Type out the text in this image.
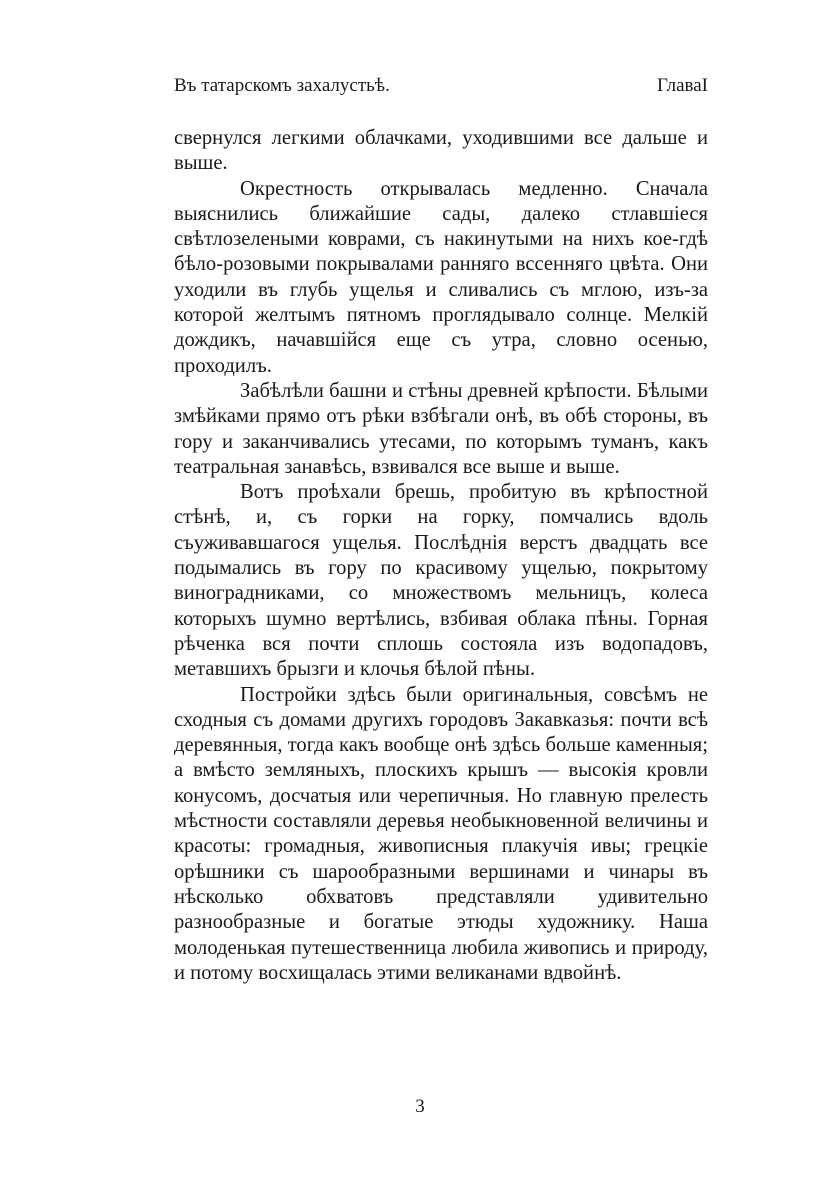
Въ татарскомъ захалустьѣ.	ГлаваI

свернулся легкими облачками, уходившими все дальше и выше.

Окрестность открывалась медленно. Сначала выяснились ближайшие сады, далеко стлавшiеся свѣтлозелеными коврами, съ накинутыми на нихъ кое-гдѣ бѣло-розовыми покрывалами ранняго вссенняго цвѣта. Они уходили въ глубь ущелья и сливались съ мглою, изъ-за которой желтымъ пятномъ проглядывало солнце. Мелкiй дождикъ, начавшiйся еще съ утра, словно осенью, проходилъ.

Забѣлѣли башни и стѣны древней крѣпости. Бѣлыми змѣйками прямо отъ рѣки взбѣгали онѣ, въ обѣ стороны, въ гору и заканчивались утесами, по которымъ туманъ, какъ театральная занавѣсь, взвивался все выше и выше.

Вотъ проѣхали брешь, пробитую въ крѣпостной стѣнѣ, и, съ горки на горку, помчались вдоль съуживавшагося ущелья. Послѣднiя верстъ двадцать все подымались въ гору по красивому ущелью, покрытому виноградниками, со множествомъ мельницъ, колеса которыхъ шумно вертѣлись, взбивая облака пѣны. Горная рѣченка вся почти сплошь состояла изъ водопадовъ, метавшихъ брызги и клочья бѣлой пѣны.

Постройки здѣсь были оригинальныя, совсѣмъ не сходныя съ домами другихъ городовъ Закавказья: почти всѣ деревянныя, тогда какъ вообще онѣ здѣсь больше каменныя; а вмѣсто земляныхъ, плоскихъ крышъ — высокiя кровли конусомъ, досчатыя или черепичныя. Но главную прелесть мѣстности составляли деревья необыкновенной величины и красоты: громадныя, живописныя плакучiя ивы; грецкiе орѣшники съ шарообразными вершинами и чинары въ нѣсколько обхватовъ представляли удивительно разнообразные и богатые этюды художнику. Наша молоденькая путешественница любила живопись и природу, и потому восхищалась этими великанами вдвойнѣ.

3
